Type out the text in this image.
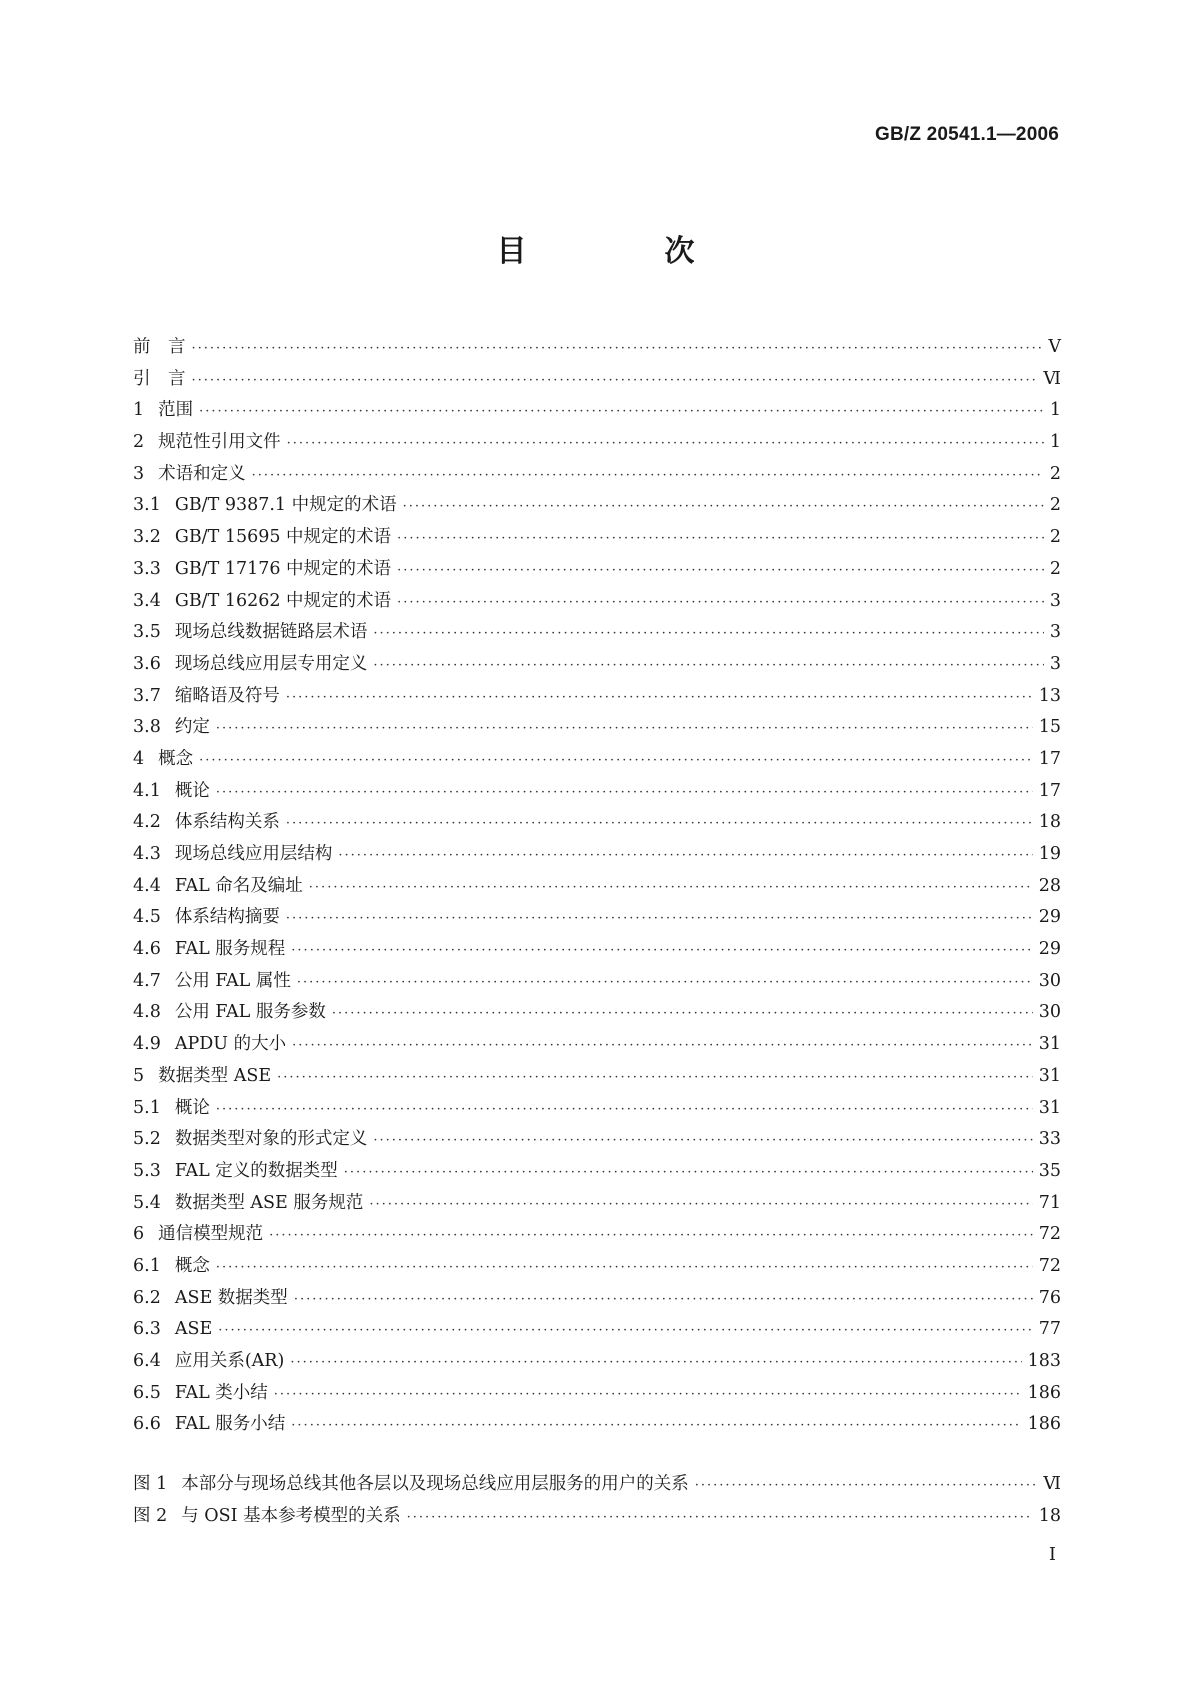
GB/Z 20541.1—2006
目　次
前　言 ·····	Ⅴ
引　言 ·····	Ⅵ
1 范围 ·····	1
2 规范性引用文件 ·····	1
3 术语和定义 ·····	2
3.1 GB/T 9387.1 中规定的术语 ·····	2
3.2 GB/T 15695 中规定的术语 ·····	2
3.3 GB/T 17176 中规定的术语 ·····	2
3.4 GB/T 16262 中规定的术语 ·····	3
3.5 现场总线数据链路层术语 ·····	3
3.6 现场总线应用层专用定义 ·····	3
3.7 缩略语及符号 ·····	13
3.8 约定 ·····	15
4 概念 ·····	17
4.1 概论 ·····	17
4.2 体系结构关系 ·····	18
4.3 现场总线应用层结构 ·····	19
4.4 FAL 命名及编址 ·····	28
4.5 体系结构摘要 ·····	29
4.6 FAL 服务规程 ·····	29
4.7 公用 FAL 属性 ·····	30
4.8 公用 FAL 服务参数 ·····	30
4.9 APDU 的大小 ·····	31
5 数据类型 ASE ·····	31
5.1 概论 ·····	31
5.2 数据类型对象的形式定义 ·····	33
5.3 FAL 定义的数据类型 ·····	35
5.4 数据类型 ASE 服务规范 ·····	71
6 通信模型规范 ·····	72
6.1 概念 ·····	72
6.2 ASE 数据类型 ·····	76
6.3 ASE ·····	77
6.4 应用关系(AR) ·····	183
6.5 FAL 类小结 ·····	186
6.6 FAL 服务小结 ·····	186
图 1 本部分与现场总线其他各层以及现场总线应用层服务的用户的关系 ·····	Ⅵ
图 2 与 OSI 基本参考模型的关系 ·····	18
Ⅰ
